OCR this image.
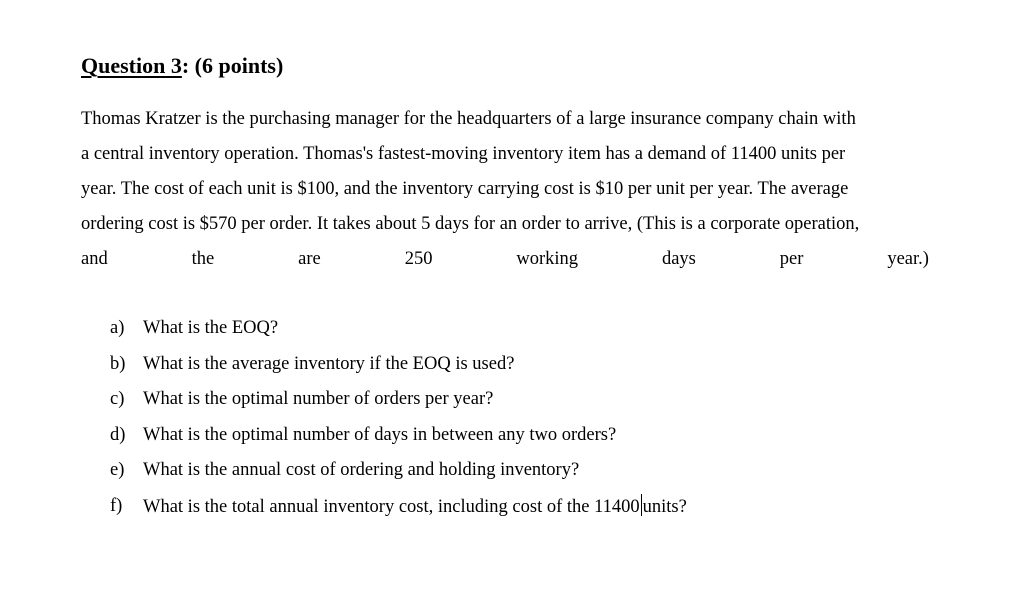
Question 3: (6 points)
Thomas Kratzer is the purchasing manager for the headquarters of a large insurance company chain with
a central inventory operation. Thomas's fastest-moving inventory item has a demand of 11400 units per
year. The cost of each unit is $100, and the inventory carrying cost is $10 per unit per year. The average
ordering cost is $570 per order. It takes about 5 days for an order to arrive, (This is a corporate operation,
and	the	are	250	working	days	per	year.)
a)	What is the EOQ?
b) What is the average inventory if the EOQ is used?
c)	What is the optimal number of orders per year?
d) What is the optimal number of days in between any two orders?
e)	What is the annual cost of ordering and holding inventory?
f)	What is the total annual inventory cost, including cost of the 11400 units?
